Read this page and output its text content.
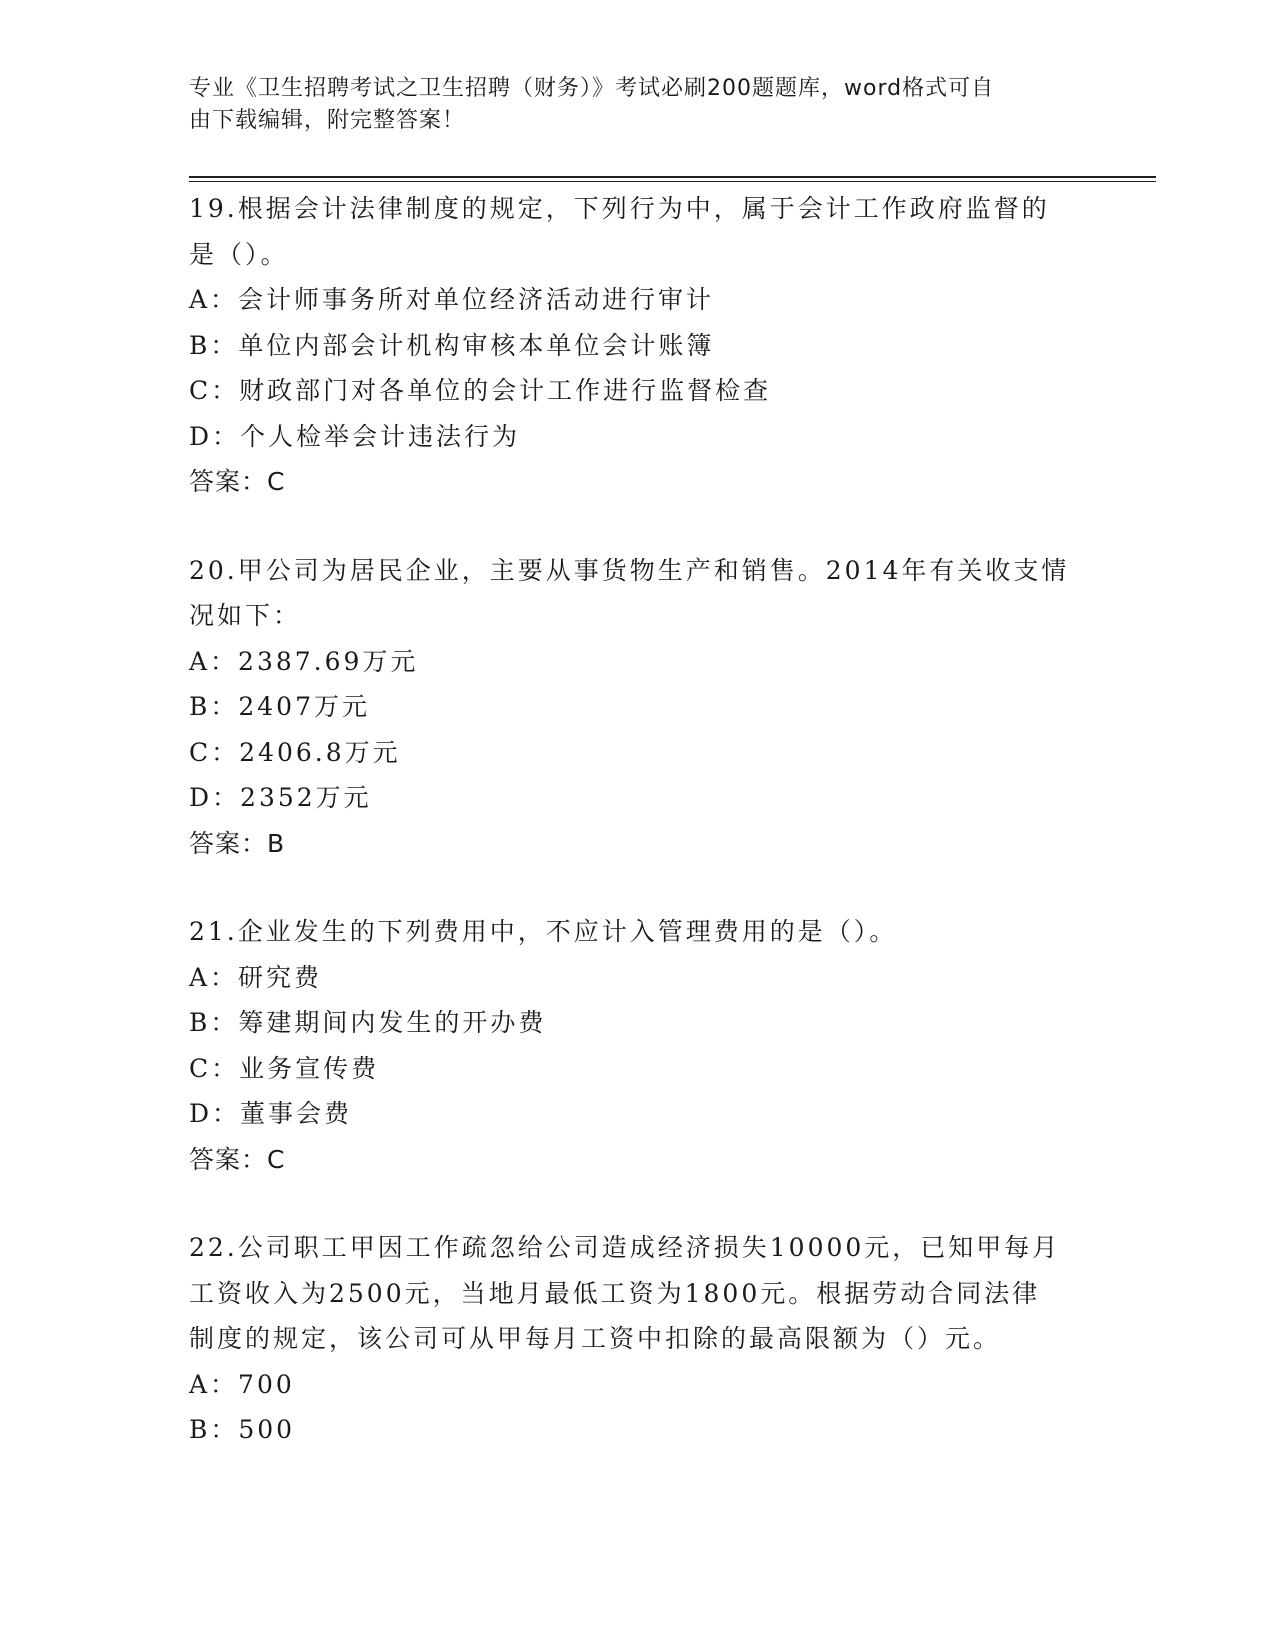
专业《卫生招聘考试之卫生招聘（财务）》考试必刷200题题库，word格式可自
由下载编辑，附完整答案！
19.根据会计法律制度的规定，下列行为中，属于会计工作政府监督的
是（）。
A：会计师事务所对单位经济活动进行审计
B：单位内部会计机构审核本单位会计账簿
C：财政部门对各单位的会计工作进行监督检查
D：个人检举会计违法行为
答案：C
20.甲公司为居民企业，主要从事货物生产和销售。2014年有关收支情
况如下：
A：2387.69万元
B：2407万元
C：2406.8万元
D：2352万元
答案：B
21.企业发生的下列费用中，不应计入管理费用的是（）。
A：研究费
B：筹建期间内发生的开办费
C：业务宣传费
D：董事会费
答案：C
22.公司职工甲因工作疏忽给公司造成经济损失10000元，已知甲每月
工资收入为2500元，当地月最低工资为1800元。根据劳动合同法律
制度的规定，该公司可从甲每月工资中扣除的最高限额为（）元。
A：700
B：500
